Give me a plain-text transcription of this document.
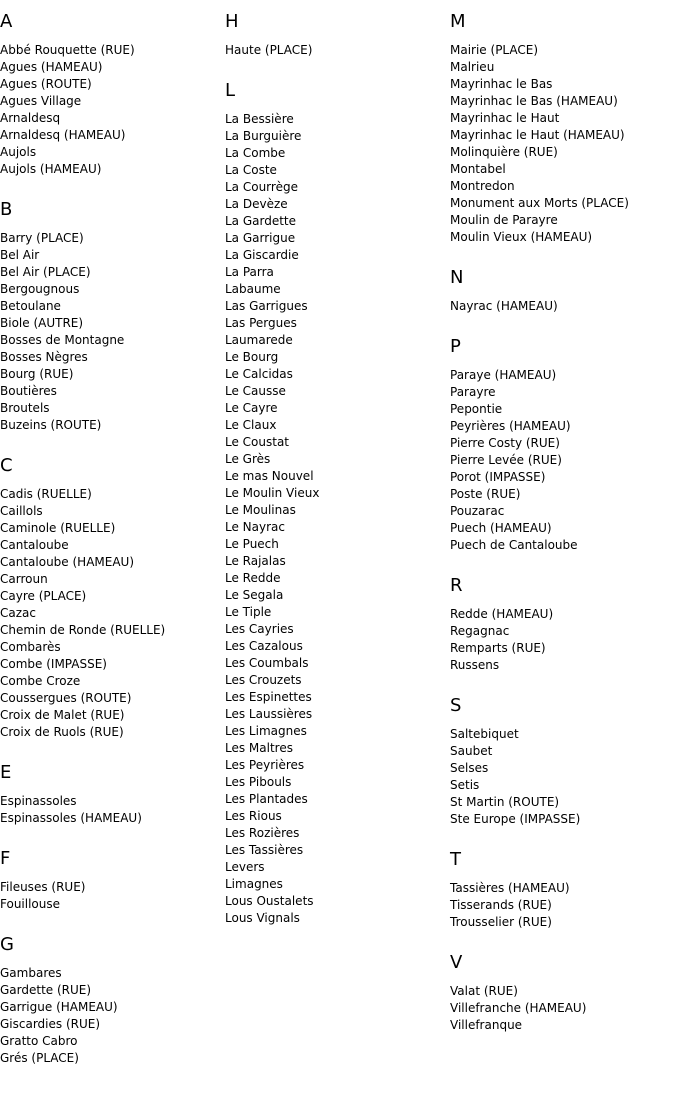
A
Abbé Rouquette (RUE)
Agues (HAMEAU)
Agues (ROUTE)
Agues Village
Arnaldesq
Arnaldesq (HAMEAU)
Aujols
Aujols (HAMEAU)
B
Barry (PLACE)
Bel Air
Bel Air (PLACE)
Bergougnous
Betoulane
Biole (AUTRE)
Bosses de Montagne
Bosses Nègres
Bourg (RUE)
Boutières
Broutels
Buzeins (ROUTE)
C
Cadis (RUELLE)
Caillols
Caminole (RUELLE)
Cantaloube
Cantaloube (HAMEAU)
Carroun
Cayre (PLACE)
Cazac
Chemin de Ronde (RUELLE)
Combarès
Combe (IMPASSE)
Combe Croze
Coussergues (ROUTE)
Croix de Malet (RUE)
Croix de Ruols (RUE)
E
Espinassoles
Espinassoles (HAMEAU)
F
Fileuses (RUE)
Fouillouse
G
Gambares
Gardette (RUE)
Garrigue (HAMEAU)
Giscardies (RUE)
Gratto Cabro
Grés (PLACE)
H
Haute (PLACE)
L
La Bessière
La Burguière
La Combe
La Coste
La Courrège
La Devèze
La Gardette
La Garrigue
La Giscardie
La Parra
Labaume
Las Garrigues
Las Pergues
Laumarede
Le Bourg
Le Calcidas
Le Causse
Le Cayre
Le Claux
Le Coustat
Le Grès
Le mas Nouvel
Le Moulin Vieux
Le Moulinas
Le Nayrac
Le Puech
Le Rajalas
Le Redde
Le Segala
Le Tiple
Les Cayries
Les Cazalous
Les Coumbals
Les Crouzets
Les Espinettes
Les Laussières
Les Limagnes
Les Maltres
Les Peyrières
Les Pibouls
Les Plantades
Les Rious
Les Rozières
Les Tassières
Levers
Limagnes
Lous Oustalets
Lous Vignals
M
Mairie (PLACE)
Malrieu
Mayrinhac le Bas
Mayrinhac le Bas (HAMEAU)
Mayrinhac le Haut
Mayrinhac le Haut (HAMEAU)
Molinquière (RUE)
Montabel
Montredon
Monument aux Morts (PLACE)
Moulin de Parayre
Moulin Vieux (HAMEAU)
N
Nayrac (HAMEAU)
P
Paraye (HAMEAU)
Parayre
Pepontie
Peyrières (HAMEAU)
Pierre Costy (RUE)
Pierre Levée (RUE)
Porot (IMPASSE)
Poste (RUE)
Pouzarac
Puech (HAMEAU)
Puech de Cantaloube
R
Redde (HAMEAU)
Regagnac
Remparts (RUE)
Russens
S
Saltebiquet
Saubet
Selses
Setis
St Martin (ROUTE)
Ste Europe (IMPASSE)
T
Tassières (HAMEAU)
Tisserands (RUE)
Trousselier (RUE)
V
Valat (RUE)
Villefranche (HAMEAU)
Villefranque
